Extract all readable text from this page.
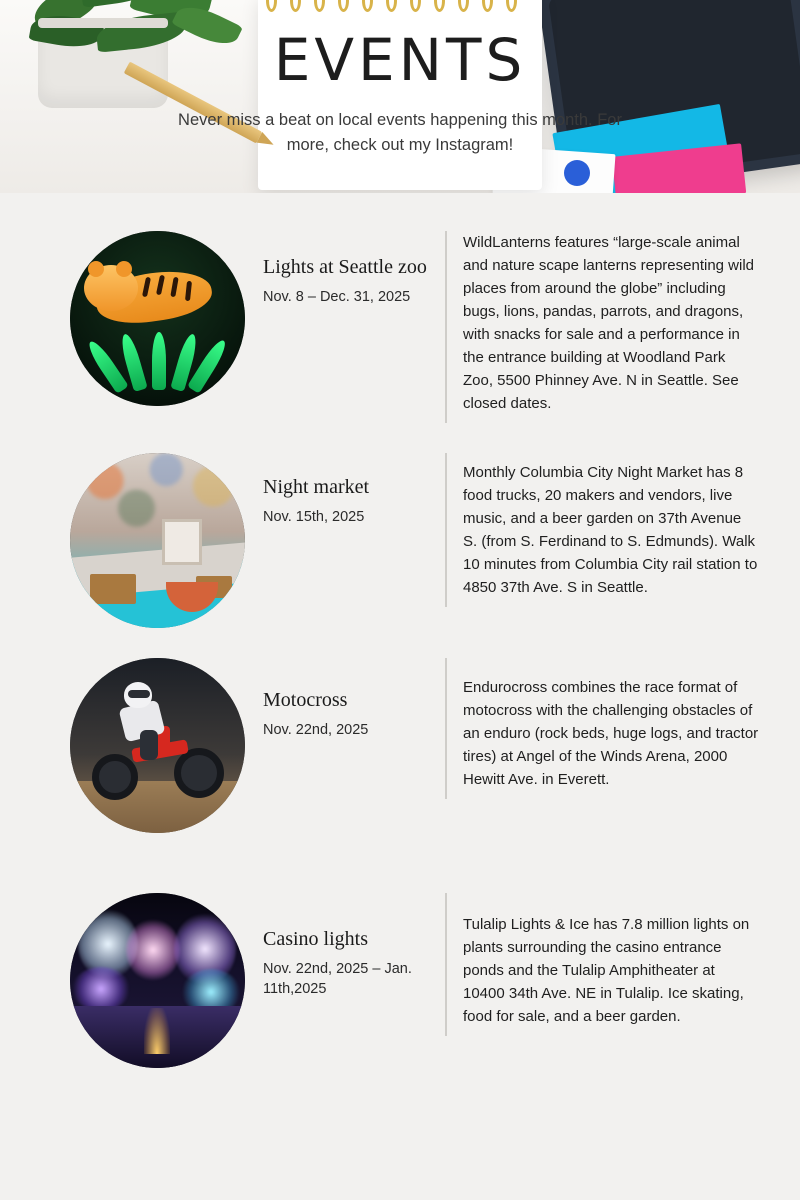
EVENTS
Never miss a beat on local events happening this month. For more, check out my Instagram!
Lights at Seattle zoo
Nov. 8 – Dec. 31, 2025
WildLanterns features “large-scale animal and nature scape lanterns representing wild places from around the globe” including bugs, lions, pandas, parrots, and dragons, with snacks for sale and a performance in the entrance building at Woodland Park Zoo, 5500 Phinney Ave. N in Seattle. See closed dates.
Night market
Nov. 15th, 2025
Monthly Columbia City Night Market has 8 food trucks, 20 makers and vendors, live music, and a beer garden on 37th Avenue S. (from S. Ferdinand to S. Edmunds). Walk 10 minutes from Columbia City rail station to 4850 37th Ave. S in Seattle.
Motocross
Nov. 22nd, 2025
Endurocross combines the race format of motocross with the challenging obstacles of an enduro (rock beds, huge logs, and tractor tires) at Angel of the Winds Arena, 2000 Hewitt Ave. in Everett.
Casino lights
Nov. 22nd, 2025 – Jan. 11th,2025
Tulalip Lights & Ice has 7.8 million lights on plants surrounding the casino entrance ponds and the Tulalip Amphitheater at 10400 34th Ave. NE in Tulalip. Ice skating, food for sale, and a beer garden.
